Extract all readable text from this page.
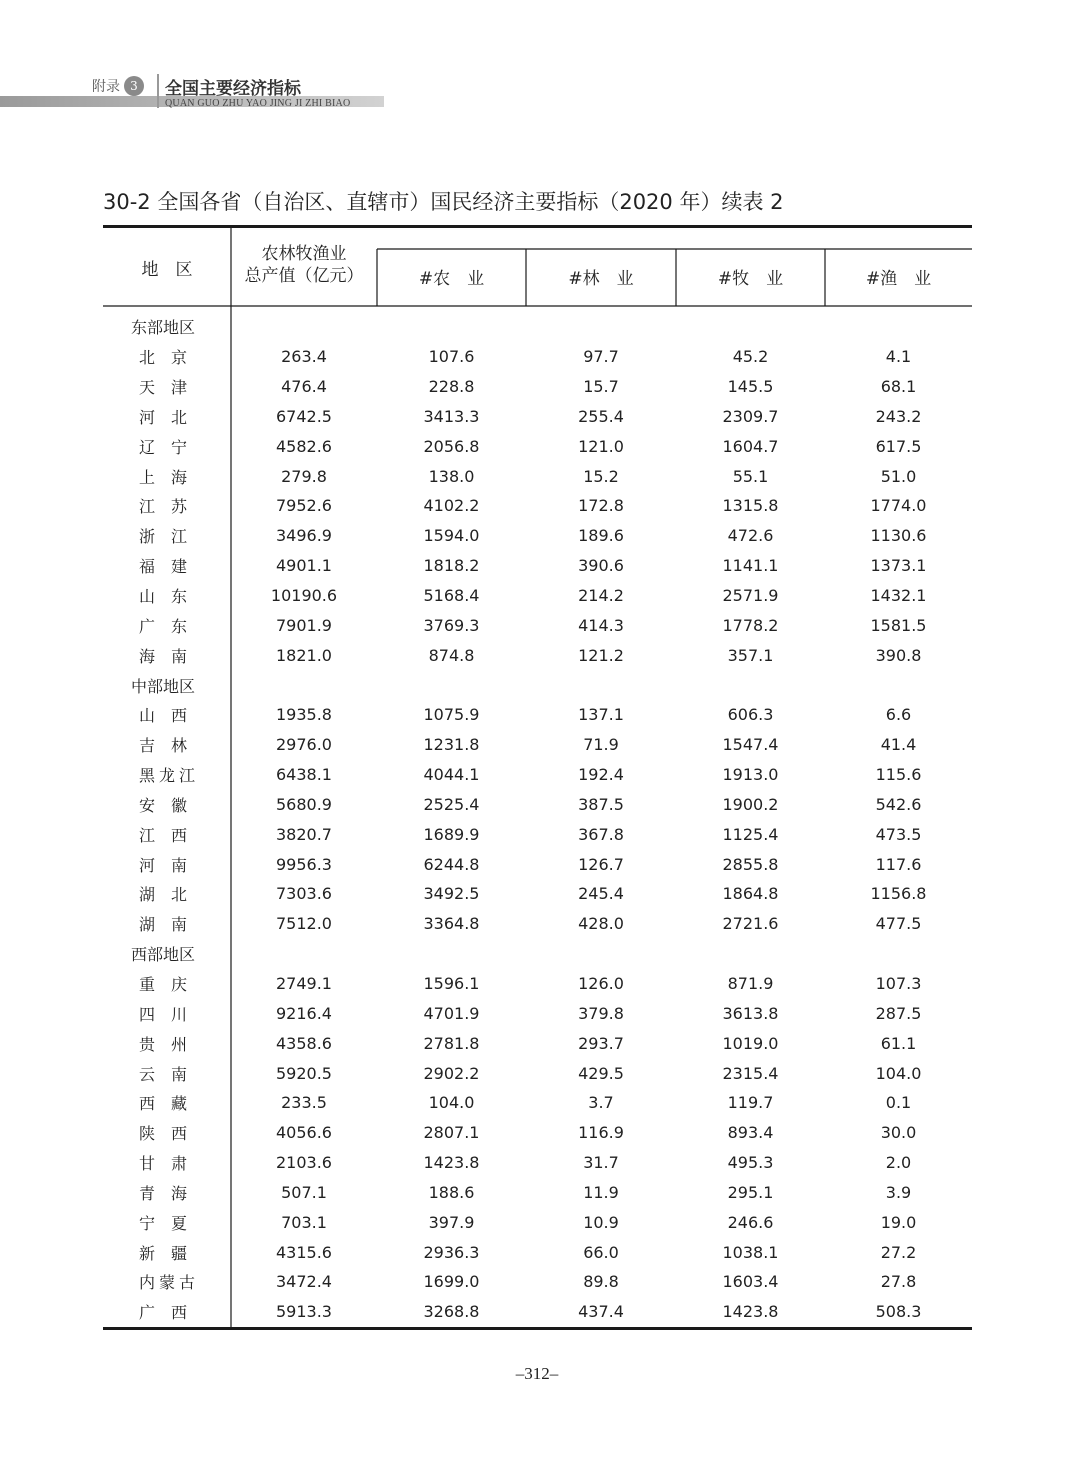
附录 3	全国主要经济指标
QUAN GUO ZHU YAO JING JI ZHI BIAO
30-2 全国各省（自治区、直辖市）国民经济主要指标（2020 年）续表 2
地　区	农林牧渔业
总产值（亿元）	#农　业	#林　业	#牧　业	#渔　业

东部地区					
北京	263.4	107.6	97.7	45.2	4.1
天津	476.4	228.8	15.7	145.5	68.1
河北	6742.5	3413.3	255.4	2309.7	243.2
辽宁	4582.6	2056.8	121.0	1604.7	617.5
上海	279.8	138.0	15.2	55.1	51.0
江苏	7952.6	4102.2	172.8	1315.8	1774.0
浙江	3496.9	1594.0	189.6	472.6	1130.6
福建	4901.1	1818.2	390.6	1141.1	1373.1
山东	10190.6	5168.4	214.2	2571.9	1432.1
广东	7901.9	3769.3	414.3	1778.2	1581.5
海南	1821.0	874.8	121.2	357.1	390.8
中部地区					
山西	1935.8	1075.9	137.1	606.3	6.6
吉林	2976.0	1231.8	71.9	1547.4	41.4
黑龙江	6438.1	4044.1	192.4	1913.0	115.6
安徽	5680.9	2525.4	387.5	1900.2	542.6
江西	3820.7	1689.9	367.8	1125.4	473.5
河南	9956.3	6244.8	126.7	2855.8	117.6
湖北	7303.6	3492.5	245.4	1864.8	1156.8
湖南	7512.0	3364.8	428.0	2721.6	477.5
西部地区					
重庆	2749.1	1596.1	126.0	871.9	107.3
四川	9216.4	4701.9	379.8	3613.8	287.5
贵州	4358.6	2781.8	293.7	1019.0	61.1
云南	5920.5	2902.2	429.5	2315.4	104.0
西藏	233.5	104.0	3.7	119.7	0.1
陕西	4056.6	2807.1	116.9	893.4	30.0
甘肃	2103.6	1423.8	31.7	495.3	2.0
青海	507.1	188.6	11.9	295.1	3.9
宁夏	703.1	397.9	10.9	246.6	19.0
新疆	4315.6	2936.3	66.0	1038.1	27.2
内蒙古	3472.4	1699.0	89.8	1603.4	27.8
广西	5913.3	3268.8	437.4	1423.8	508.3
–312–
